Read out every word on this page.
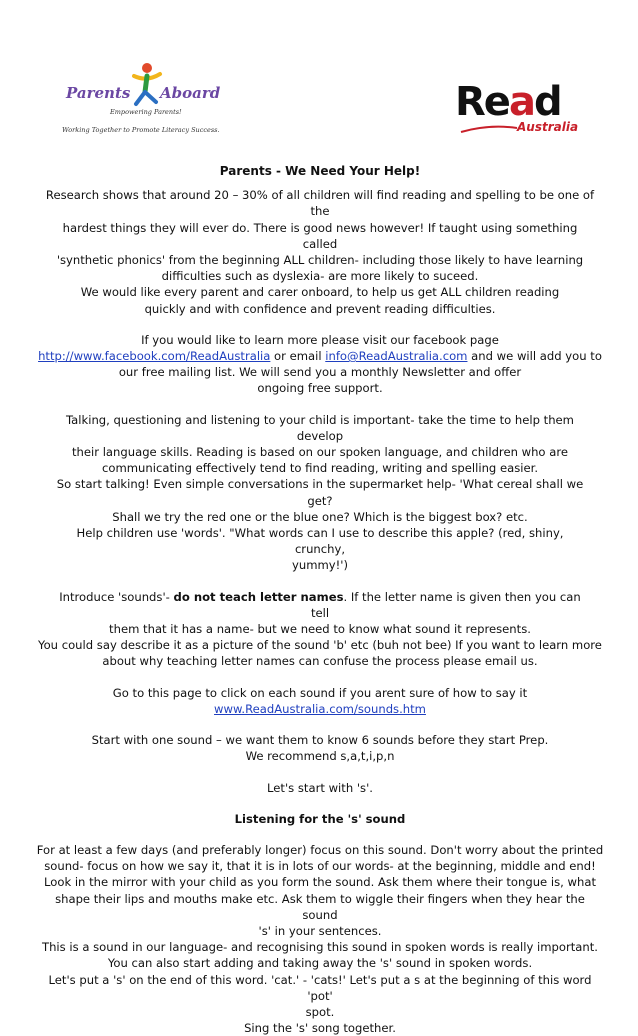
Parents Aboard
Empowering Parents!
Working Together to Promote Literacy Success.
Read
Australia

Parents - We Need Your Help!

Research shows that around 20 – 30% of all children will find reading and spelling to be one of the

hardest things they will ever do. There is good news however! If taught using something called

'synthetic phonics' from the beginning ALL children- including those likely to have learning

difficulties such as dyslexia- are more likely to suceed.

We would like every parent and carer onboard, to help us get ALL children reading

quickly and with confidence and prevent reading difficulties.

If you would like to learn more please visit our facebook page

http://www.facebook.com/ReadAustralia or email info@ReadAustralia.com and we will add you to

our free mailing list. We will send you a monthly Newsletter and offer

ongoing free support.

Talking, questioning and listening to your child is important- take the time to help them develop

their language skills. Reading is based on our spoken language, and children who are

communicating effectively tend to find reading, writing and spelling easier.

So start talking! Even simple conversations in the supermarket help- 'What cereal shall we get?

Shall we try the red one or the blue one? Which is the biggest box? etc.

Help children use 'words'. "What words can I use to describe this apple? (red, shiny, crunchy,

yummy!')

Introduce 'sounds'- do not teach letter names. If the letter name is given then you can tell

them that it has a name- but we need to know what sound it represents.

You could say describe it as a picture of the sound 'b' etc (buh not bee) If you want to learn more

about why teaching letter names can confuse the process please email us.

Go to this page to click on each sound if you arent sure of how to say it

www.ReadAustralia.com/sounds.htm

Start with one sound – we want them to know 6 sounds before they start Prep.

We recommend s,a,t,i,p,n

Let's start with 's'.

Listening for the 's' sound

For at least a few days (and preferably longer) focus on this sound. Don't worry about the printed

sound- focus on how we say it, that it is in lots of our words- at the beginning, middle and end!

Look in the mirror with your child as you form the sound. Ask them where their tongue is, what

shape their lips and mouths make etc. Ask them to wiggle their fingers when they hear the sound

's' in your sentences.

This is a sound in our language- and recognising this sound in spoken words is really important.

You can also start adding and taking away the 's' sound in spoken words.

Let's put a 's' on the end of this word. 'cat.' - 'cats!' Let's put a s at the beginning of this word 'pot'

spot.

Sing the 's' song together.
